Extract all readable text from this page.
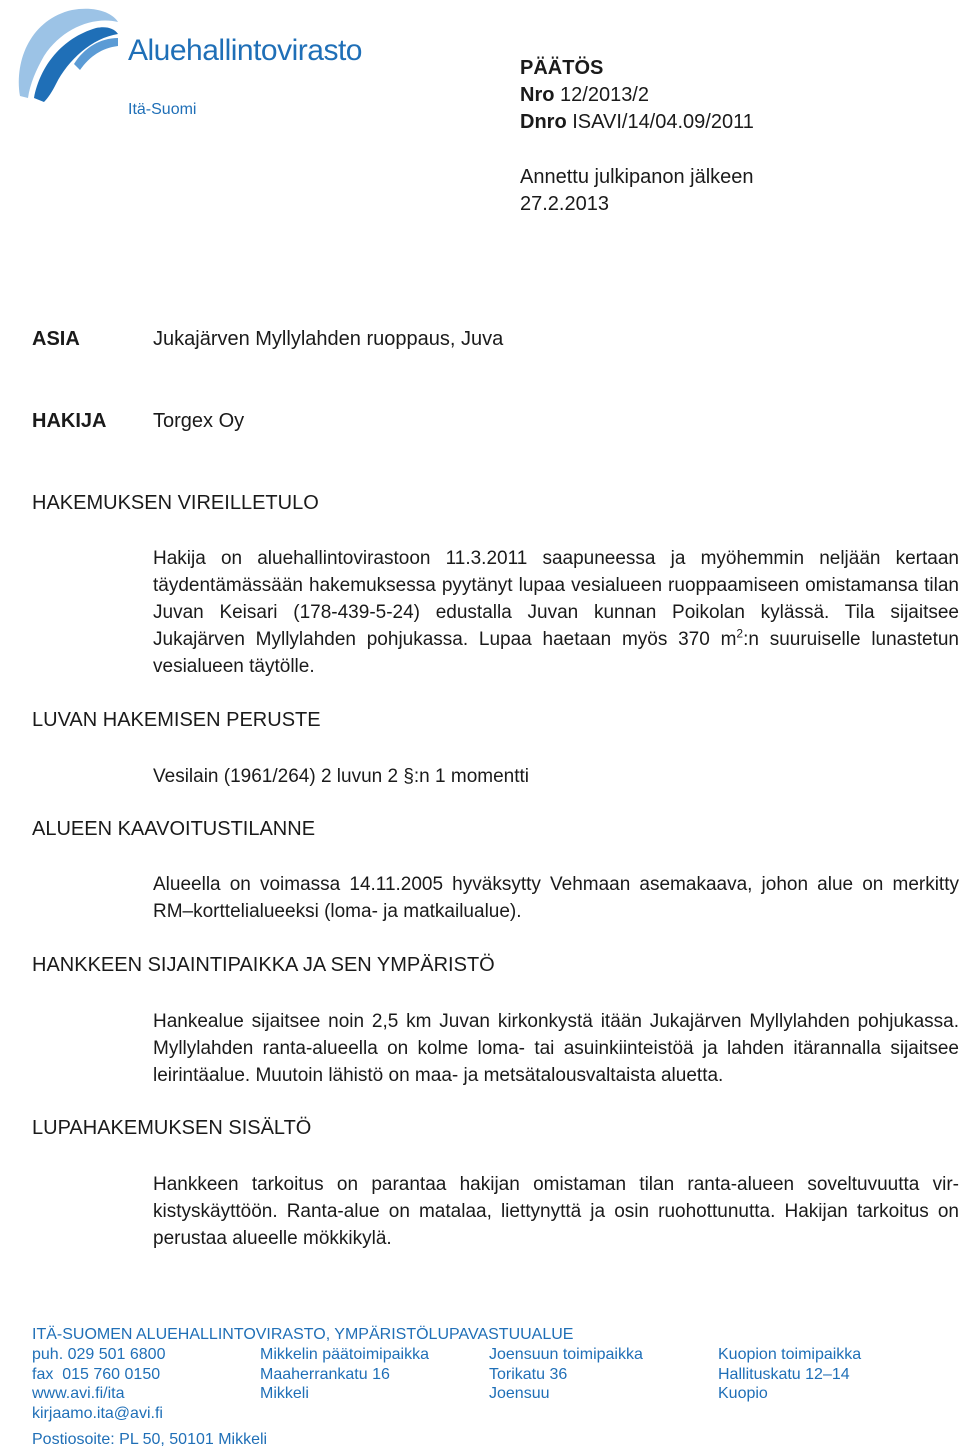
Aluehallintovirasto
Itä-Suomi
PÄÄTÖS
Nro 12/2013/2
Dnro ISAVI/14/04.09/2011
Annettu julkipanon jälkeen
27.2.2013
ASIA	Jukajärven Myllylahden ruoppaus, Juva
HAKIJA Torgex Oy
HAKEMUKSEN VIREILLETULO
Hakija on aluehallintovirastoon 11.3.2011 saapuneessa ja myöhemmin neljään kertaan täydentämässään hakemuksessa pyytänyt lupaa vesialueen ruoppaamiseen omistamansa tilan Juvan Keisari (178-439-5-24) edustalla Juvan kunnan Poikolan kylässä. Tila sijaitsee Jukajärven Myllylahden pohjukassa. Lupaa haetaan myös 370 $m^2:n$ suuruiselle lunastetun vesialueen täytölle.
LUVAN HAKEMISEN PERUSTE
Vesilain (1961/264) 2 luvun 2 §:n 1 momentti
ALUEEN KAAVOITUSTILANNE
Alueella on voimassa 14.11.2005 hyväksytty Vehmaan asemakaava, johon alue on merkitty RM–korttelialueeksi (loma- ja matkailualue).
HANKKEEN SIJAINTIPAIKKA JA SEN YMPÄRISTÖ
Hankealue sijaitsee noin 2,5 km Juvan kirkonkystä itään Jukajärven Myllylahden pohjukassa. Myllylahden ranta-alueella on kolme loma- tai asuinkiinteistöä ja lahden itärannalla sijaitsee leirintäalue. Muutoin lähistö on maa- ja metsätalousvaltaista aluetta.
LUPAHAKEMUKSEN SISÄLTÖ
Hankkeen tarkoitus on parantaa hakijan omistaman tilan ranta-alueen soveltuvuutta virkistyskäyttöön. Ranta-alue on matalaa, liettynyttä ja osin ruohottunutta. Hakijan tarkoitus on perustaa alueelle mökkikylä.
ITÄ-SUOMEN ALUEHALLINTOVIRASTO, YMPÄRISTÖLUPAVASTUUALUE
puh. 029 501 6800
fax  015 760 0150
www.avi.fi/ita
kirjaamo.ita@avi.fi
Mikkelin päätoimipaikka
Maaherrankatu 16
Mikkeli
Joensuun toimipaikka
Torikatu 36
Joensuu
Kuopion toimipaikka
Hallituskatu 12–14
Kuopio
Postiosoite: PL 50, 50101 Mikkeli
